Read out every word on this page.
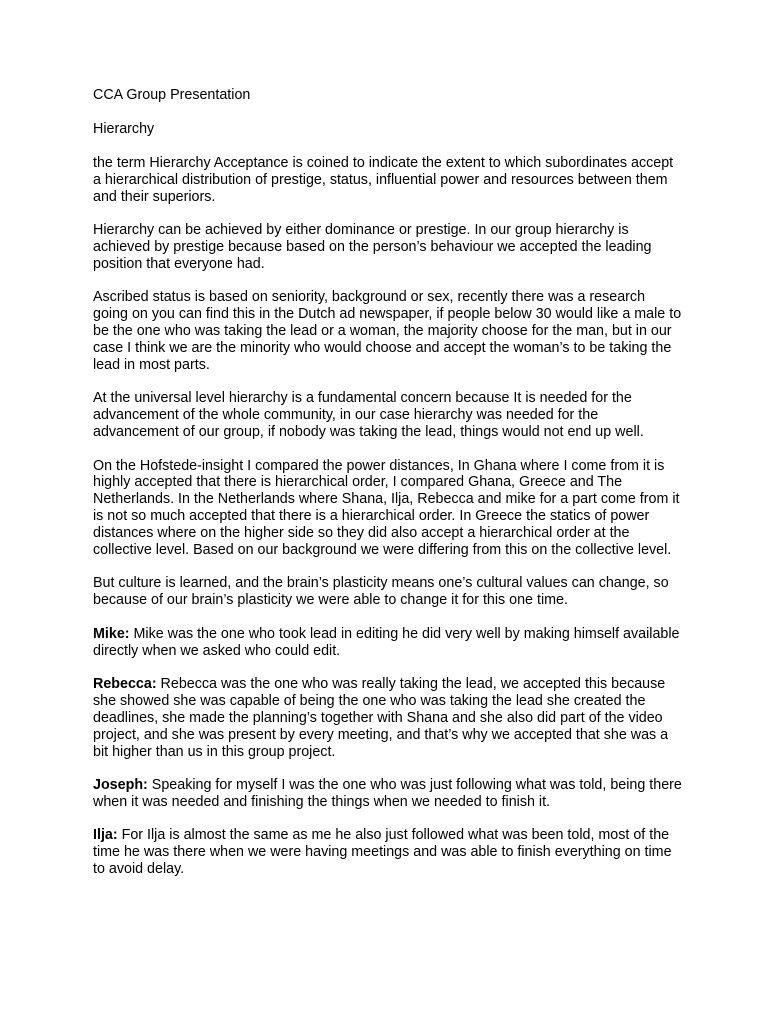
CCA Group Presentation
Hierarchy

the term Hierarchy Acceptance is coined to indicate the extent to which subordinates accept a hierarchical distribution of prestige, status, influential power and resources between them and their superiors.

Hierarchy can be achieved by either dominance or prestige. In our group hierarchy is achieved by prestige because based on the person’s behaviour we accepted the leading position that everyone had.

Ascribed status is based on seniority, background or sex, recently there was a research going on you can find this in the Dutch ad newspaper, if people below 30 would like a male to be the one who was taking the lead or a woman, the majority choose for the man, but in our case I think we are the minority who would choose and accept the woman’s to be taking the lead in most parts.

At the universal level hierarchy is a fundamental concern because It is needed for the advancement of the whole community, in our case hierarchy was needed for the advancement of our group, if nobody was taking the lead, things would not end up well.

On the Hofstede-insight I compared the power distances, In Ghana where I come from it is highly accepted that there is hierarchical order, I compared Ghana, Greece and The Netherlands. In the Netherlands where Shana, Ilja, Rebecca and mike for a part come from it is not so much accepted that there is a hierarchical order. In Greece the statics of power distances where on the higher side so they did also accept a hierarchical order at the collective level. Based on our background we were differing from this on the collective level.

But culture is learned, and the brain’s plasticity means one’s cultural values can change, so because of our brain’s plasticity we were able to change it for this one time.

Mike: Mike was the one who took lead in editing he did very well by making himself available directly when we asked who could edit.

Rebecca: Rebecca was the one who was really taking the lead, we accepted this because she showed she was capable of being the one who was taking the lead she created the deadlines, she made the planning’s together with Shana and she also did part of the video project, and she was present by every meeting, and that’s why we accepted that she was a bit higher than us in this group project.

Joseph: Speaking for myself I was the one who was just following what was told, being there when it was needed and finishing the things when we needed to finish it.

Ilja: For Ilja is almost the same as me he also just followed what was been told, most of the time he was there when we were having meetings and was able to finish everything on time to avoid delay.
